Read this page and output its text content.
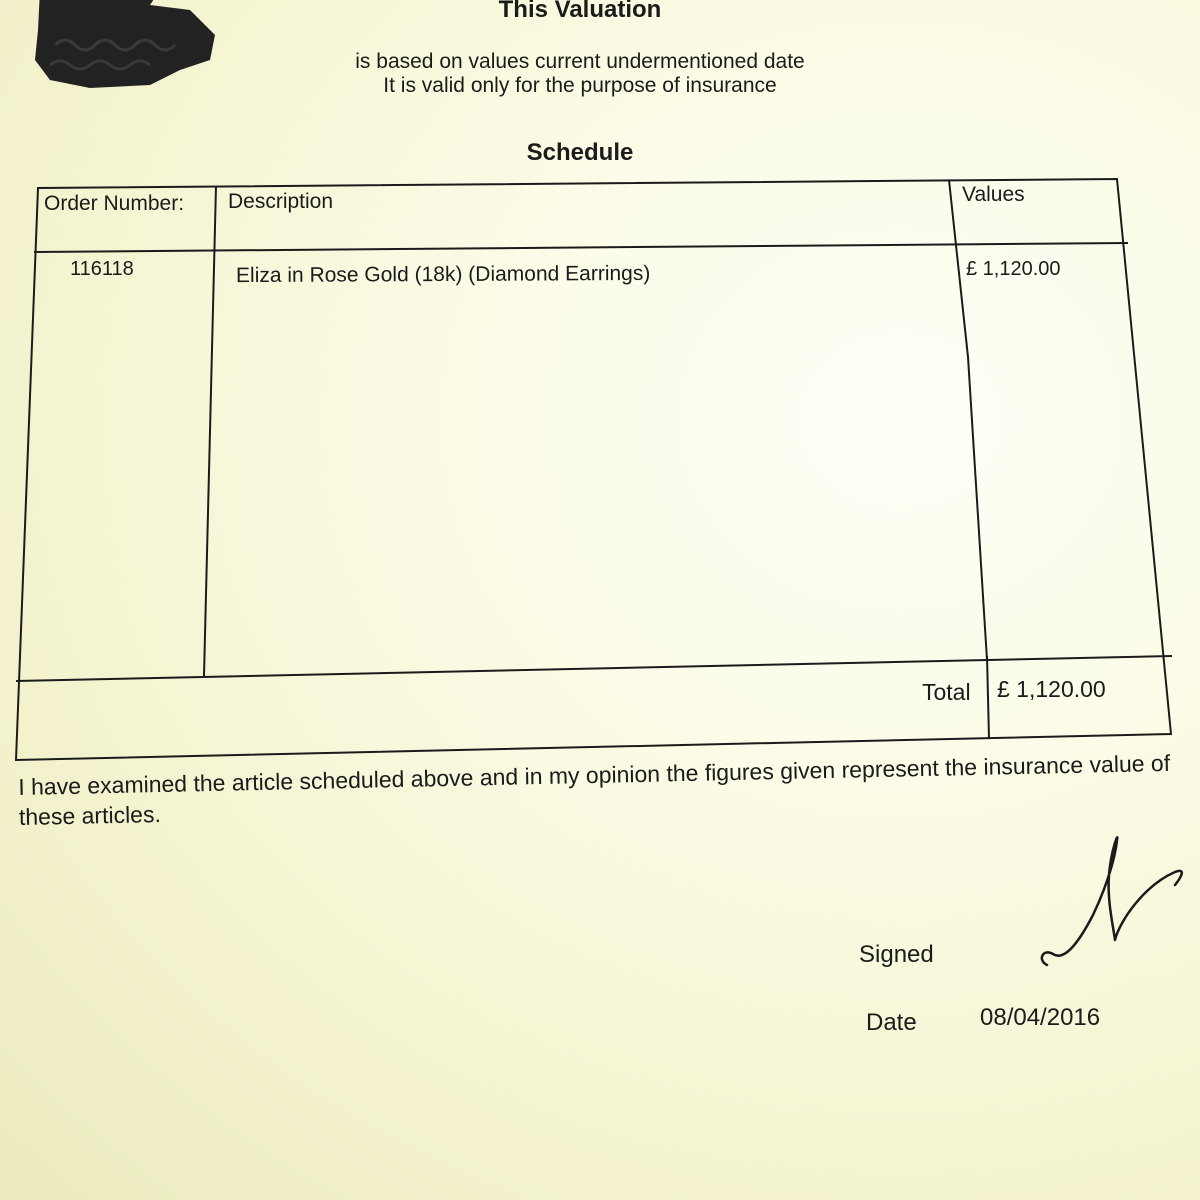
This Valuation
is based on values current undermentioned date
It is valid only for the purpose of insurance
Schedule
Order Number: Description	Values
116118	Eliza in Rose Gold (18k) (Diamond Earrings)	£ 1,120.00
Total £ 1,120.00
I have examined the article scheduled above and in my opinion the figures given represent the insurance value of these articles.
Signed
Date	08/04/2016
